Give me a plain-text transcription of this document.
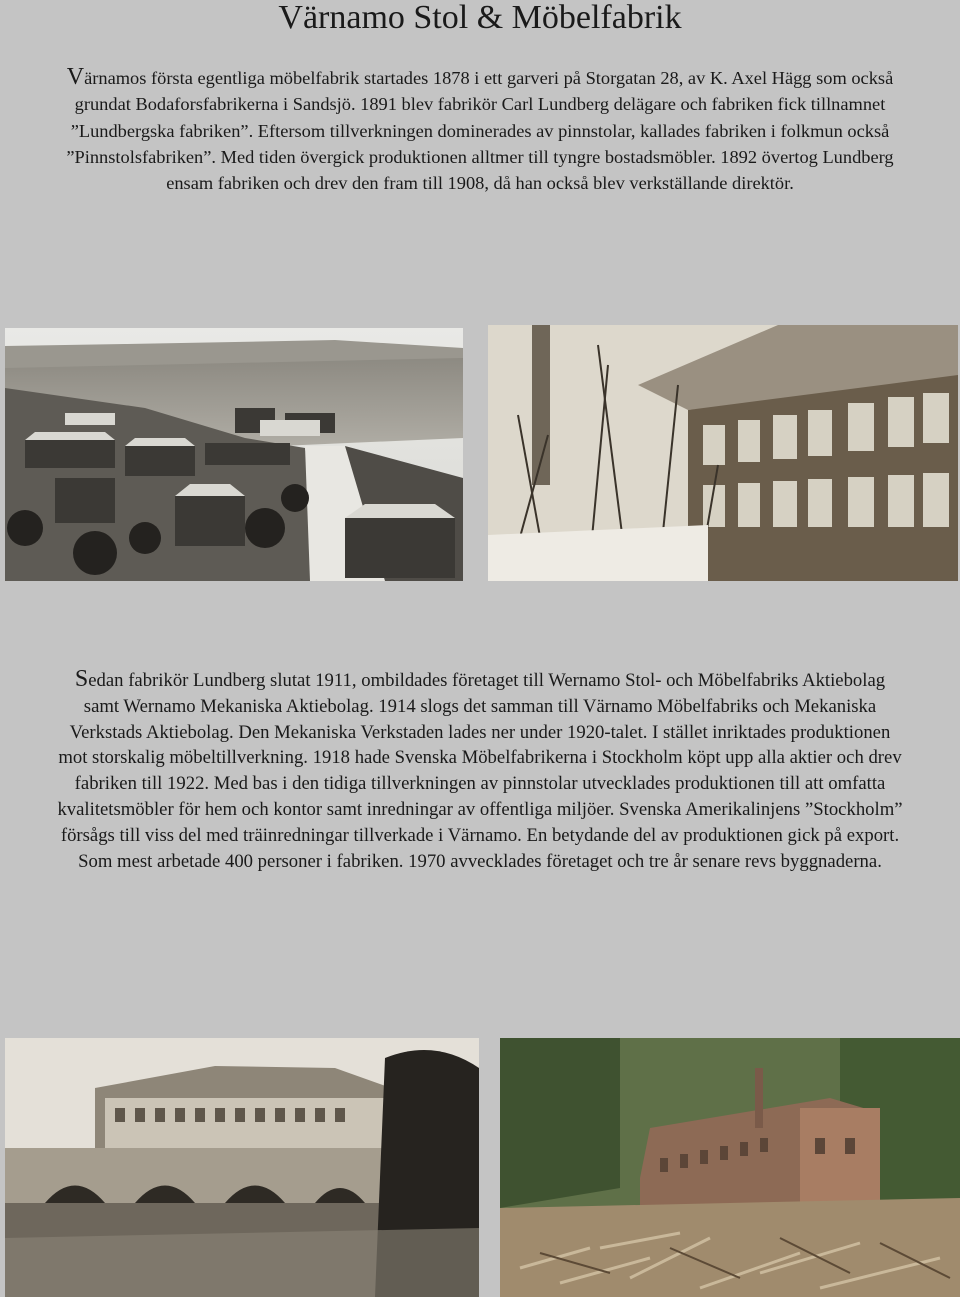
Värnamo Stol & Möbelfabrik

Värnamos första egentliga möbelfabrik startades 1878 i ett garveri på Storgatan 28, av K. Axel Hägg som också grundat Bodaforsfabrikerna i Sandsjö. 1891 blev fabrikör Carl Lundberg delägare och fabriken fick tillnamnet ”Lundbergska fabriken”. Eftersom tillverkningen dominerades av pinnstolar, kallades fabriken i folkmun också ”Pinnstolsfabriken”. Med tiden övergick produktionen alltmer till tyngre bostadsmöbler. 1892 övertog Lundberg ensam fabriken och drev den fram till 1908, då han också blev verkställande direktör.

Sedan fabrikör Lundberg slutat 1911, ombildades företaget till Wernamo Stol- och Möbelfabriks Aktiebolag samt Wernamo Mekaniska Aktiebolag. 1914 slogs det samman till Värnamo Möbelfabriks och Mekaniska Verkstads Aktiebolag. Den Mekaniska Verkstaden lades ner under 1920-talet. I stället inriktades produktionen mot storskalig möbeltillverkning. 1918 hade Svenska Möbelfabrikerna i Stockholm köpt upp alla aktier och drev fabriken till 1922. Med bas i den tidiga tillverkningen av pinnstolar utvecklades produktionen till att omfatta kvalitetsmöbler för hem och kontor samt inredningar av offentliga miljöer. Svenska Amerikalinjens ”Stockholm” försågs till viss del med träinredningar tillverkade i Värnamo. En betydande del av produktionen gick på export. Som mest arbetade 400 personer i fabriken. 1970 avvecklades företaget och tre år senare revs byggnaderna.
